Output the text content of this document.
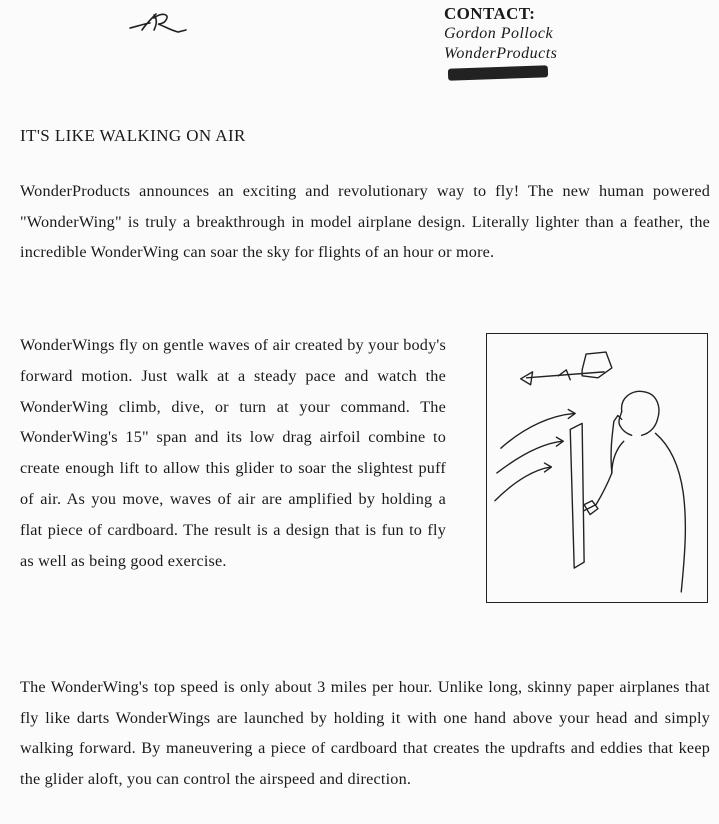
CONTACT:
Gordon Pollock
WonderProducts
IT'S LIKE WALKING ON AIR

WonderProducts announces an exciting and revolutionary way to fly! The new human powered "WonderWing" is truly a breakthrough in model airplane design. Literally lighter than a feather, the incredible WonderWing can soar the sky for flights of an hour or more.

WonderWings fly on gentle waves of air created by your body's forward motion. Just walk at a steady pace and watch the WonderWing climb, dive, or turn at your command. The WonderWing's 15" span and its low drag airfoil combine to create enough lift to allow this glider to soar the slightest puff of air. As you move, waves of air are amplified by holding a flat piece of cardboard. The result is a design that is fun to fly as well as being good exercise.

The WonderWing's top speed is only about 3 miles per hour. Unlike long, skinny paper airplanes that fly like darts WonderWings are launched by holding it with one hand above your head and simply walking forward. By maneuvering a piece of cardboard that creates the updrafts and eddies that keep the glider aloft, you can control the airspeed and direction.
